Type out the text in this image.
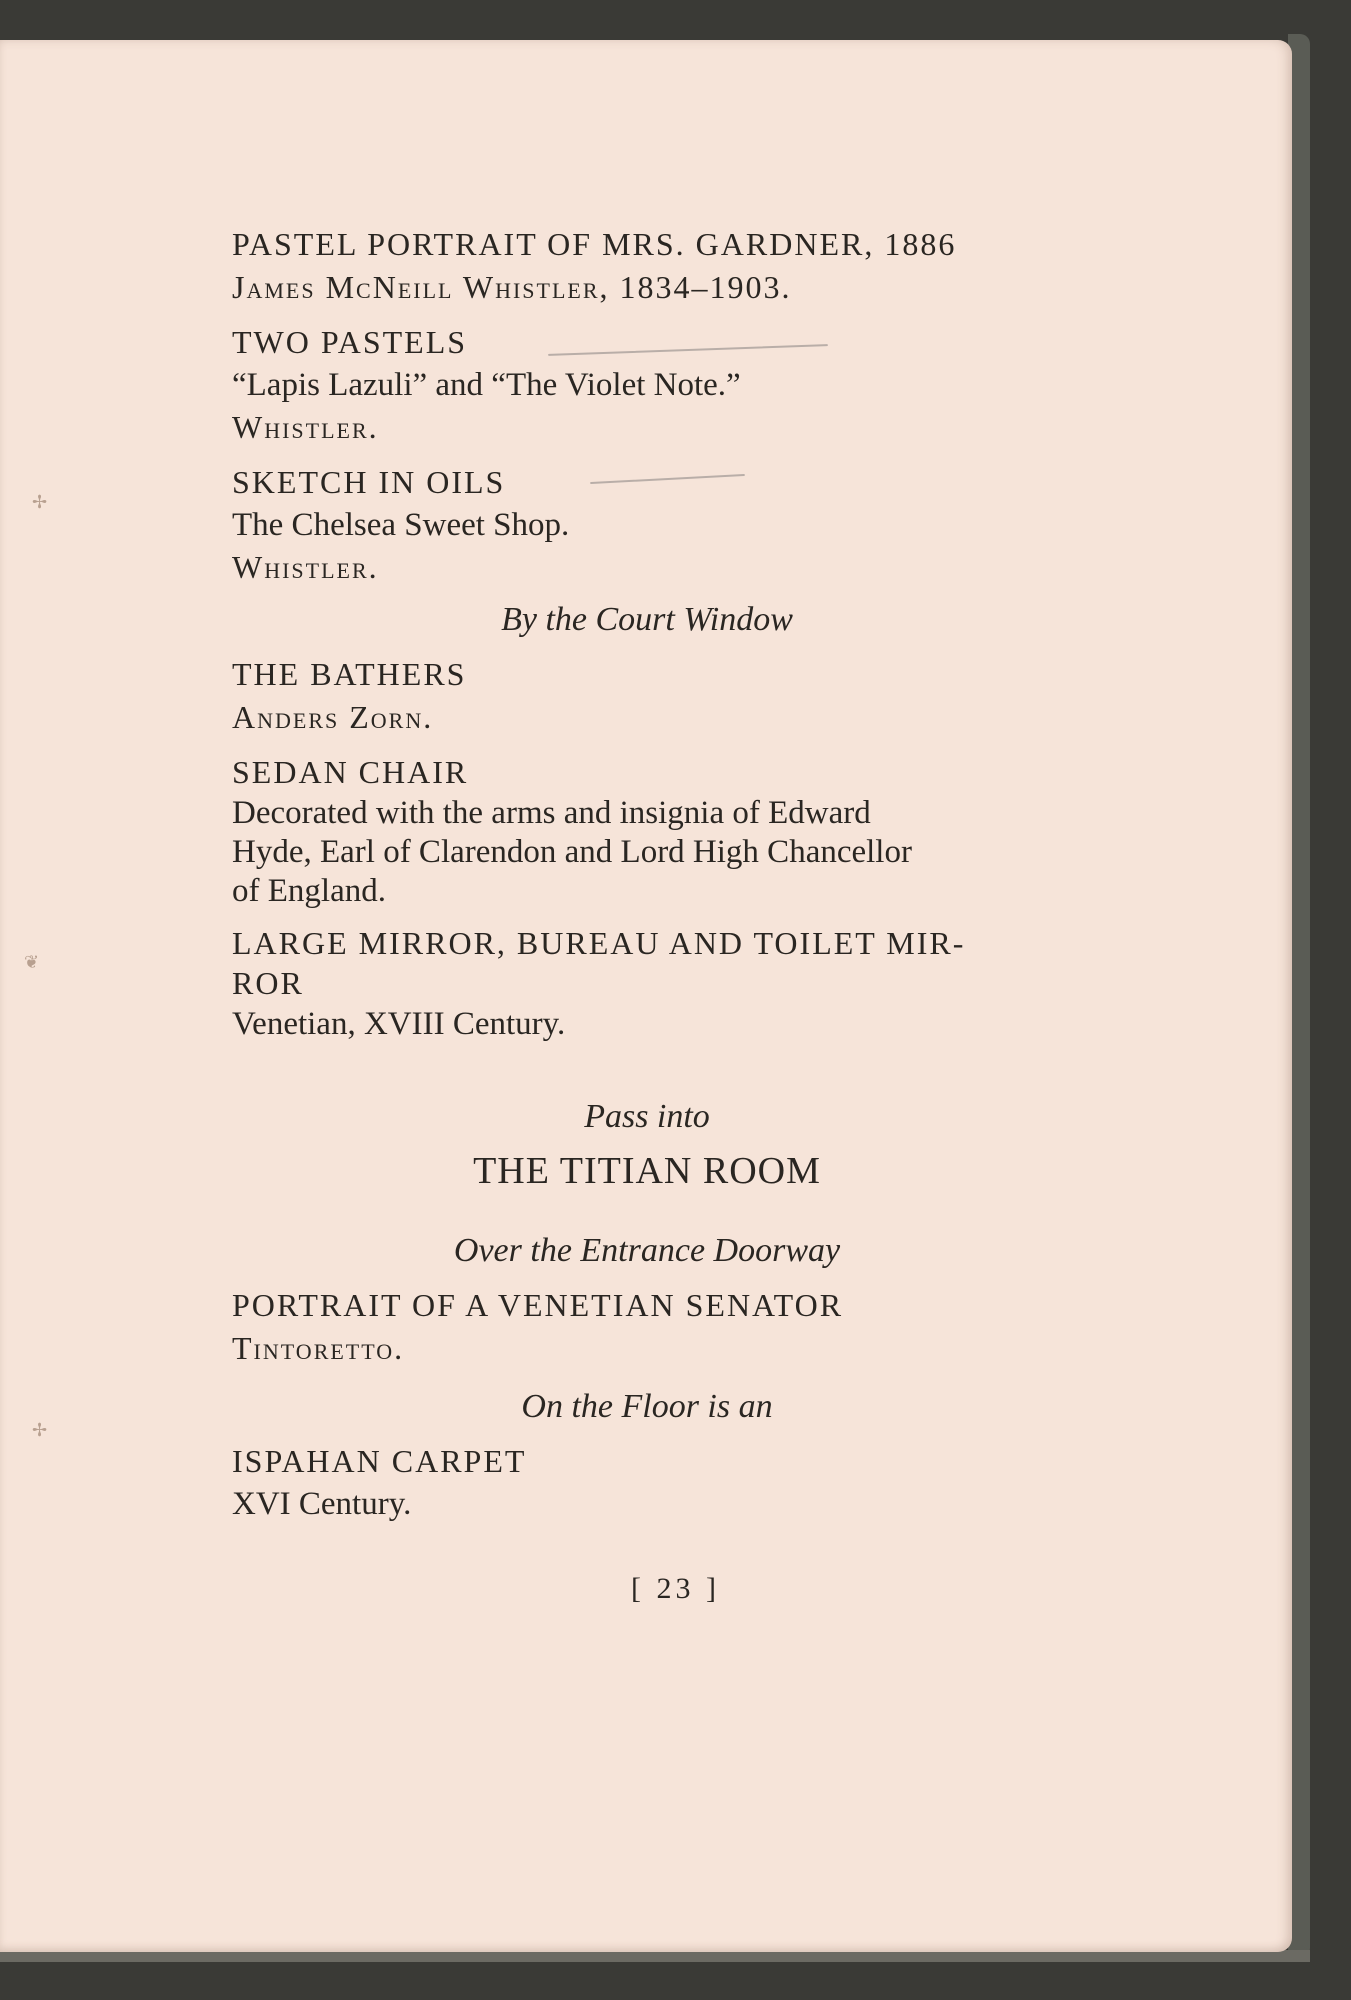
✢
❦
✢

PASTEL PORTRAIT OF MRS. GARDNER, 1886

James McNeill Whistler, 1834–1903.

TWO PASTELS

“Lapis Lazuli” and “The Violet Note.”

Whistler.

SKETCH IN OILS

The Chelsea Sweet Shop.

Whistler.

By the Court Window

THE BATHERS

Anders Zorn.

SEDAN CHAIR

Decorated with the arms and insignia of Edward

Hyde, Earl of Clarendon and Lord High Chancellor

of England.

LARGE MIRROR, BUREAU AND TOILET MIR-

ROR

Venetian, XVIII Century.

Pass into

THE TITIAN ROOM

Over the Entrance Doorway

PORTRAIT OF A VENETIAN SENATOR

Tintoretto.

On the Floor is an

ISPAHAN CARPET

XVI Century.

[ 23 ]
